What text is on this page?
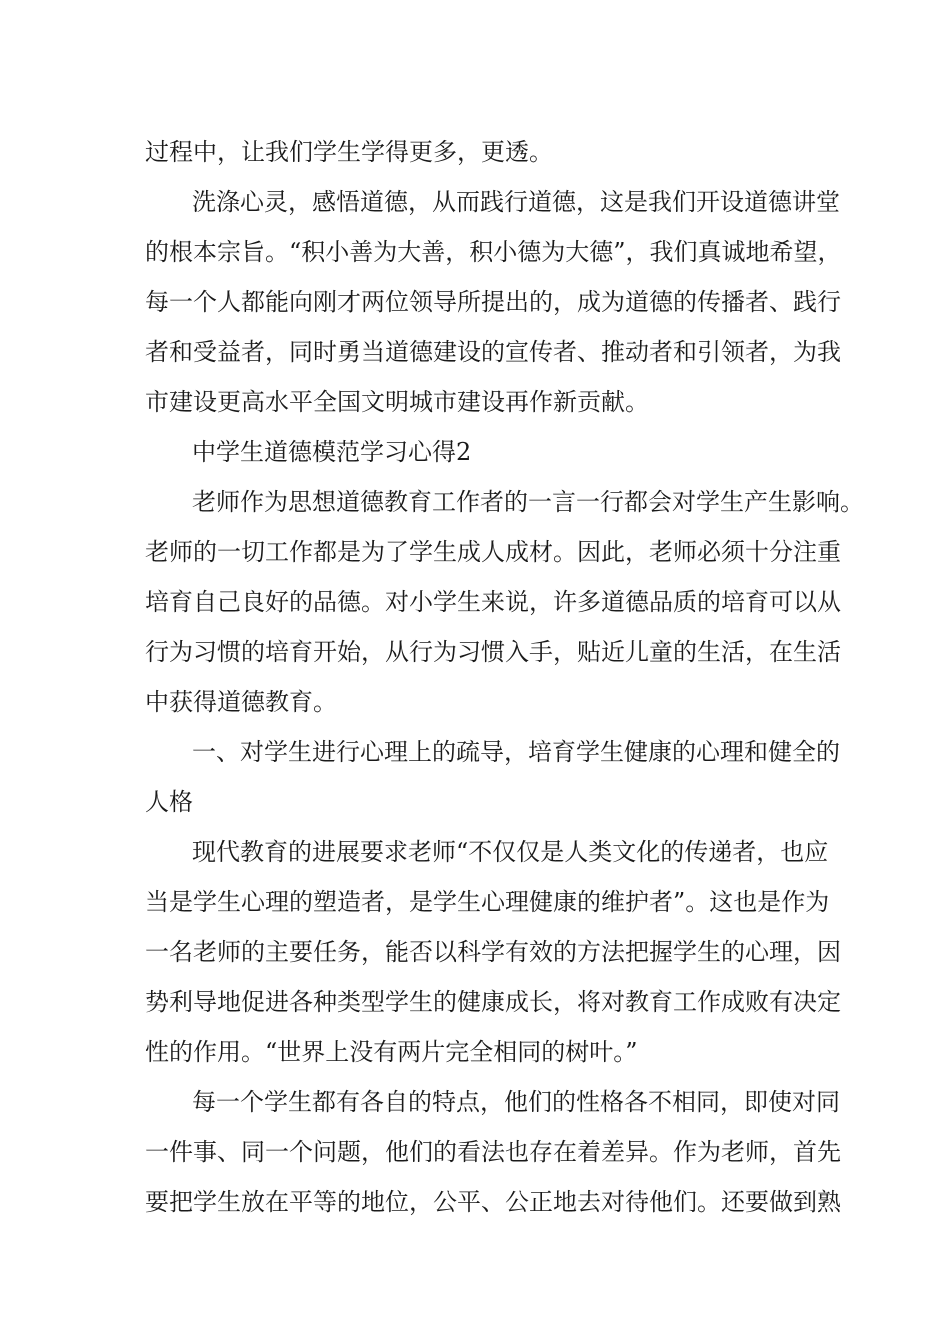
过程中，让我们学生学得更多，更透。
洗涤心灵，感悟道德，从而践行道德，这是我们开设道德讲堂
的根本宗旨。“积小善为大善，积小德为大德”，我们真诚地希望，
每一个人都能向刚才两位领导所提出的，成为道德的传播者、践行
者和受益者，同时勇当道德建设的宣传者、推动者和引领者，为我
市建设更高水平全国文明城市建设再作新贡献。
中学生道德模范学习心得2
老师作为思想道德教育工作者的一言一行都会对学生产生影响。
老师的一切工作都是为了学生成人成材。因此，老师必须十分注重
培育自己良好的品德。对小学生来说，许多道德品质的培育可以从
行为习惯的培育开始，从行为习惯入手，贴近儿童的生活，在生活
中获得道德教育。
一、对学生进行心理上的疏导，培育学生健康的心理和健全的
人格
现代教育的进展要求老师“不仅仅是人类文化的传递者，也应
当是学生心理的塑造者，是学生心理健康的维护者”。这也是作为
一名老师的主要任务，能否以科学有效的方法把握学生的心理，因
势利导地促进各种类型学生的健康成长，将对教育工作成败有决定
性的作用。“世界上没有两片完全相同的树叶。”
每一个学生都有各自的特点，他们的性格各不相同，即使对同
一件事、同一个问题，他们的看法也存在着差异。作为老师，首先
要把学生放在平等的地位，公平、公正地去对待他们。还要做到熟
